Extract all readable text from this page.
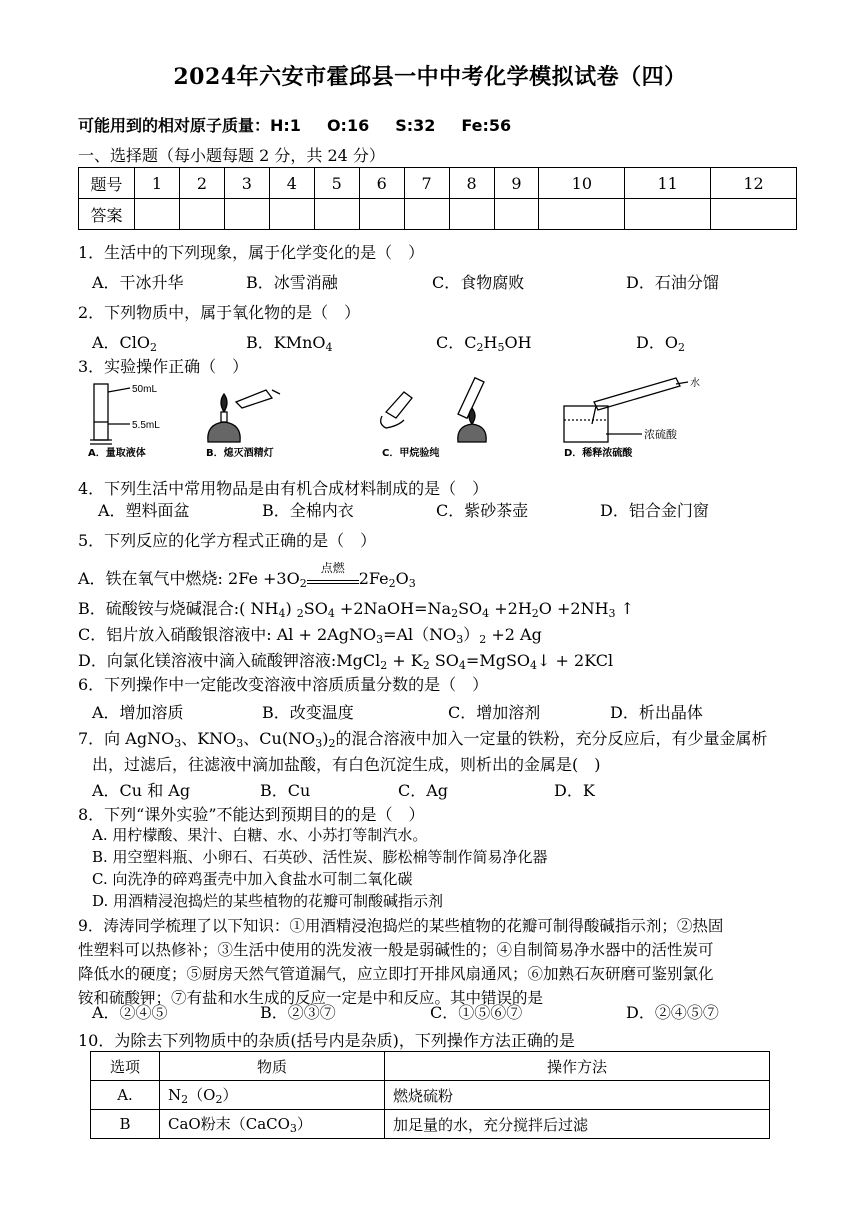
2024年六安市霍邱县一中中考化学模拟试卷（四）
可能用到的相对原子质量：H:1 O:16 S:32 Fe:56
一、选择题（每小题每题 2 分，共 24 分）
题号	1	2	3	4	5	6	7	8	9	10	11	12
答案												
1．生活中的下列现象，属于化学变化的是（　）
A．干冰升华	B．冰雪消融	C．食物腐败	D．石油分馏
2．下列物质中，属于氧化物的是（　）
A．ClO$_2$	B．KMnO$_4$	C．$C_2H_5OH$	D．$O_2$
3．实验操作正确（　）
50mL
5.5mL
A．量取液体	B．熄灭酒精灯	C．甲烷验纯
水
浓硫酸
D．稀释浓硫酸
4．下列生活中常用物品是由有机合成材料制成的是（　）
A．塑料面盆	B．全棉内衣	C．紫砂茶壶	D．铝合金门窗
5．下列反应的化学方程式正确的是（　）
A．铁在氧气中燃烧: $2Fe +3O_2$
点燃
$2Fe_2O_3$
B．硫酸铵与烧碱混合:( $NH_4$) $_2SO_4$ $+2NaOH=Na_2SO_4 +2H_2O +2NH_3$ ↑
C．铝片放入硝酸银溶液中: $Al + 2AgNO_3=Al(NO_3)_2 +2$ Ag
D．向氯化镁溶液中滴入硫酸钾溶液:MgCl$_2$ + $K_2$ $SO_4=MgSO_4↓ + 2KCl$
6．下列操作中一定能改变溶液中溶质质量分数的是（　）
A．增加溶质	B．改变温度	C．增加溶剂	D．析出晶体
7．向 AgNO$_3$、$KNO_3$、$Cu(NO_3)_2$的混合溶液中加入一定量的铁粉，充分反应后，有少量金属析
出，过滤后，往滤液中滴加盐酸，有白色沉淀生成，则析出的金属是(　)
A．Cu 和 Ag	B．Cu	C．Ag	D．K
8．下列“课外实验”不能达到预期目的的是（　）
A. 用柠檬酸、果汁、白糖、水、小苏打等制汽水。
B. 用空塑料瓶、小卵石、石英砂、活性炭、膨松棉等制作简易净化器
C. 向洗净的碎鸡蛋壳中加入食盐水可制二氧化碳
D. 用酒精浸泡捣烂的某些植物的花瓣可制酸碱指示剂
9．涛涛同学梳理了以下知识：①用酒精浸泡捣烂的某些植物的花瓣可制得酸碱指示剂；②热固
性塑料可以热修补；③生活中使用的洗发液一般是弱碱性的；④自制简易净水器中的活性炭可
降低水的硬度；⑤厨房天然气管道漏气，应立即打开排风扇通风；⑥加熟石灰研磨可鉴别氯化
铵和硫酸钾；⑦有盐和水生成的反应一定是中和反应。其中错误的是
A．②④⑤	B．②③⑦	C．①⑤⑥⑦	D．②④⑤⑦
10．为除去下列物质中的杂质(括号内是杂质)，下列操作方法正确的是
选项	物质	操作方法
A.	$N_2(O_2)$	燃烧硫粉
B	CaO粉末（CaCO$_3$）	加足量的水，充分搅拌后过滤
